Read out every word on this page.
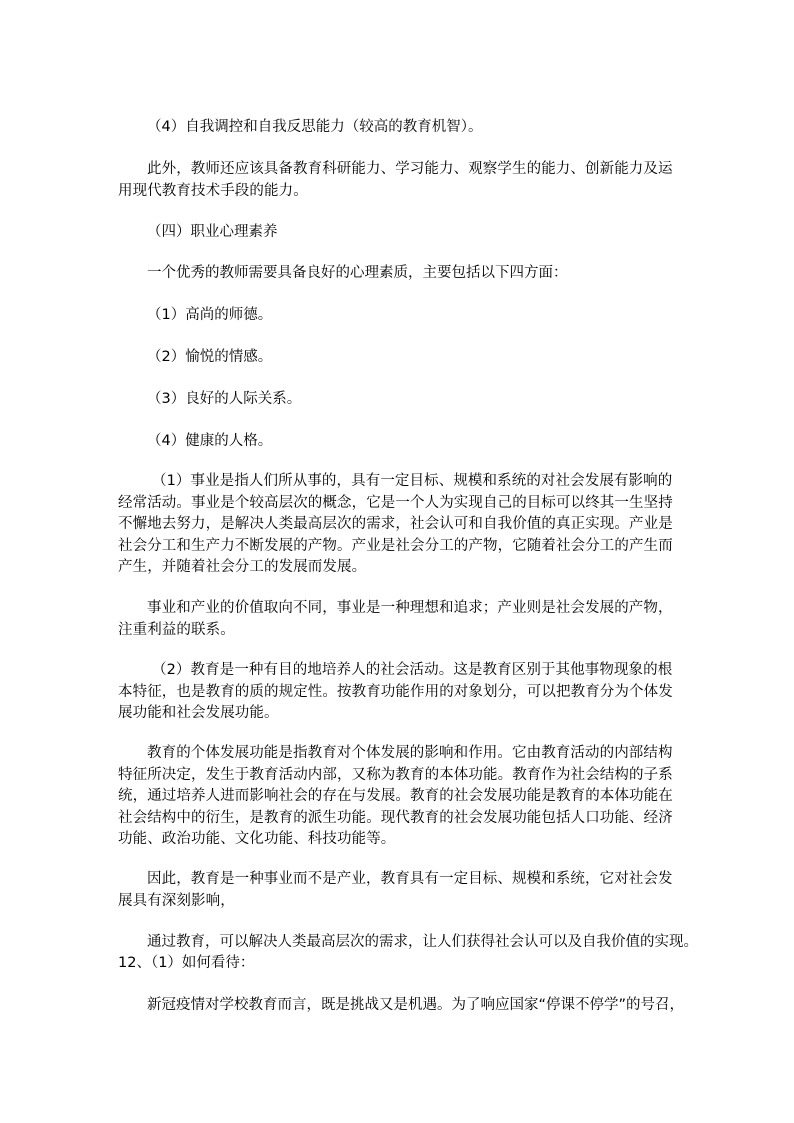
（4）自我调控和自我反思能力（较高的教育机智）。

此外，教师还应该具备教育科研能力、学习能力、观察学生的能力、创新能力及运用现代教育技术手段的能力。

（四）职业心理素养

一个优秀的教师需要具备良好的心理素质，主要包括以下四方面：

（1）高尚的师德。

（2）愉悦的情感。

（3）良好的人际关系。

（4）健康的人格。

（1）事业是指人们所从事的，具有一定目标、规模和系统的对社会发展有影响的经常活动。事业是个较高层次的概念，它是一个人为实现自己的目标可以终其一生坚持不懈地去努力，是解决人类最高层次的需求，社会认可和自我价值的真正实现。产业是社会分工和生产力不断发展的产物。产业是社会分工的产物，它随着社会分工的产生而产生，并随着社会分工的发展而发展。

事业和产业的价值取向不同，事业是一种理想和追求；产业则是社会发展的产物，注重利益的联系。

（2）教育是一种有目的地培养人的社会活动。这是教育区别于其他事物现象的根本特征，也是教育的质的规定性。按教育功能作用的对象划分，可以把教育分为个体发展功能和社会发展功能。

教育的个体发展功能是指教育对个体发展的影响和作用。它由教育活动的内部结构特征所决定，发生于教育活动内部，又称为教育的本体功能。教育作为社会结构的子系统，通过培养人进而影响社会的存在与发展。教育的社会发展功能是教育的本体功能在社会结构中的衍生，是教育的派生功能。现代教育的社会发展功能包括人口功能、经济功能、政治功能、文化功能、科技功能等。

因此，教育是一种事业而不是产业，教育具有一定目标、规模和系统，它对社会发展具有深刻影响，

通过教育，可以解决人类最高层次的需求，让人们获得社会认可以及自我价值的实现。

12、（1）如何看待：

新冠疫情对学校教育而言，既是挑战又是机遇。为了响应国家“停课不停学”的号召，
